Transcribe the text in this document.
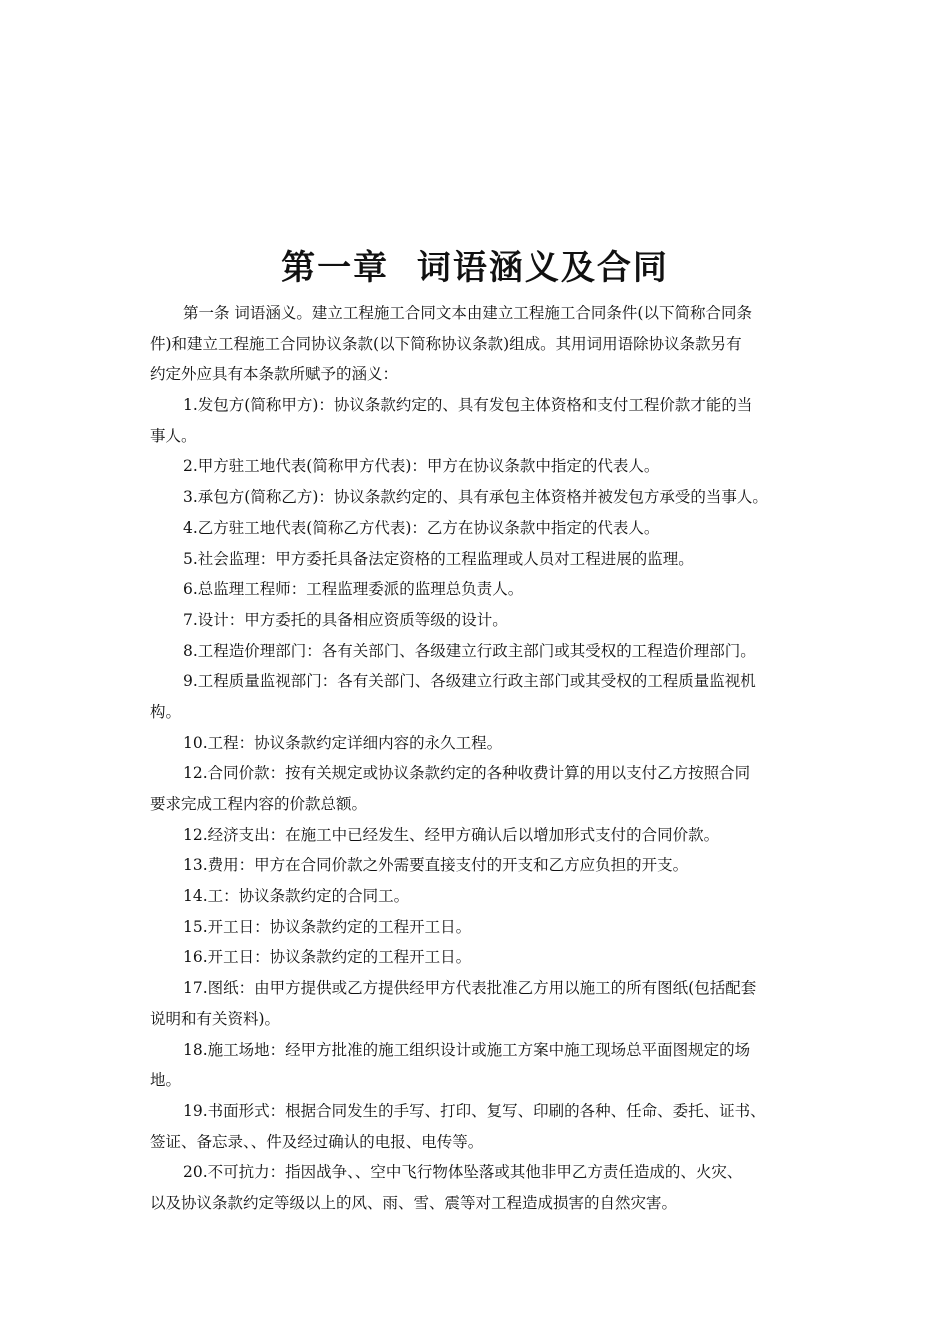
第一章  词语涵义及合同
第一条 词语涵义。建立工程施工合同文本由建立工程施工合同条件(以下简称合同条
件)和建立工程施工合同协议条款(以下简称协议条款)组成。其用词用语除协议条款另有
约定外应具有本条款所赋予的涵义：
1.发包方(简称甲方)：协议条款约定的、具有发包主体资格和支付工程价款才能的当
事人。
2.甲方驻工地代表(简称甲方代表)：甲方在协议条款中指定的代表人。
3.承包方(简称乙方)：协议条款约定的、具有承包主体资格并被发包方承受的当事人。
4.乙方驻工地代表(简称乙方代表)：乙方在协议条款中指定的代表人。
5.社会监理：甲方委托具备法定资格的工程监理或人员对工程进展的监理。
6.总监理工程师：工程监理委派的监理总负责人。
7.设计：甲方委托的具备相应资质等级的设计。
8.工程造价理部门：各有关部门、各级建立行政主部门或其受权的工程造价理部门。
9.工程质量监视部门：各有关部门、各级建立行政主部门或其受权的工程质量监视机
构。
10.工程：协议条款约定详细内容的永久工程。
12.合同价款：按有关规定或协议条款约定的各种收费计算的用以支付乙方按照合同
要求完成工程内容的价款总额。
12.经济支出：在施工中已经发生、经甲方确认后以增加形式支付的合同价款。
13.费用：甲方在合同价款之外需要直接支付的开支和乙方应负担的开支。
14.工：协议条款约定的合同工。
15.开工日：协议条款约定的工程开工日。
16.开工日：协议条款约定的工程开工日。
17.图纸：由甲方提供或乙方提供经甲方代表批准乙方用以施工的所有图纸(包括配套
说明和有关资料)。
18.施工场地：经甲方批准的施工组织设计或施工方案中施工现场总平面图规定的场
地。
19.书面形式：根据合同发生的手写、打印、复写、印刷的各种、任命、委托、证书、
签证、备忘录、、件及经过确认的电报、电传等。
20.不可抗力：指因战争、、空中飞行物体坠落或其他非甲乙方责任造成的、火灾、
以及协议条款约定等级以上的风、雨、雪、震等对工程造成损害的自然灾害。
